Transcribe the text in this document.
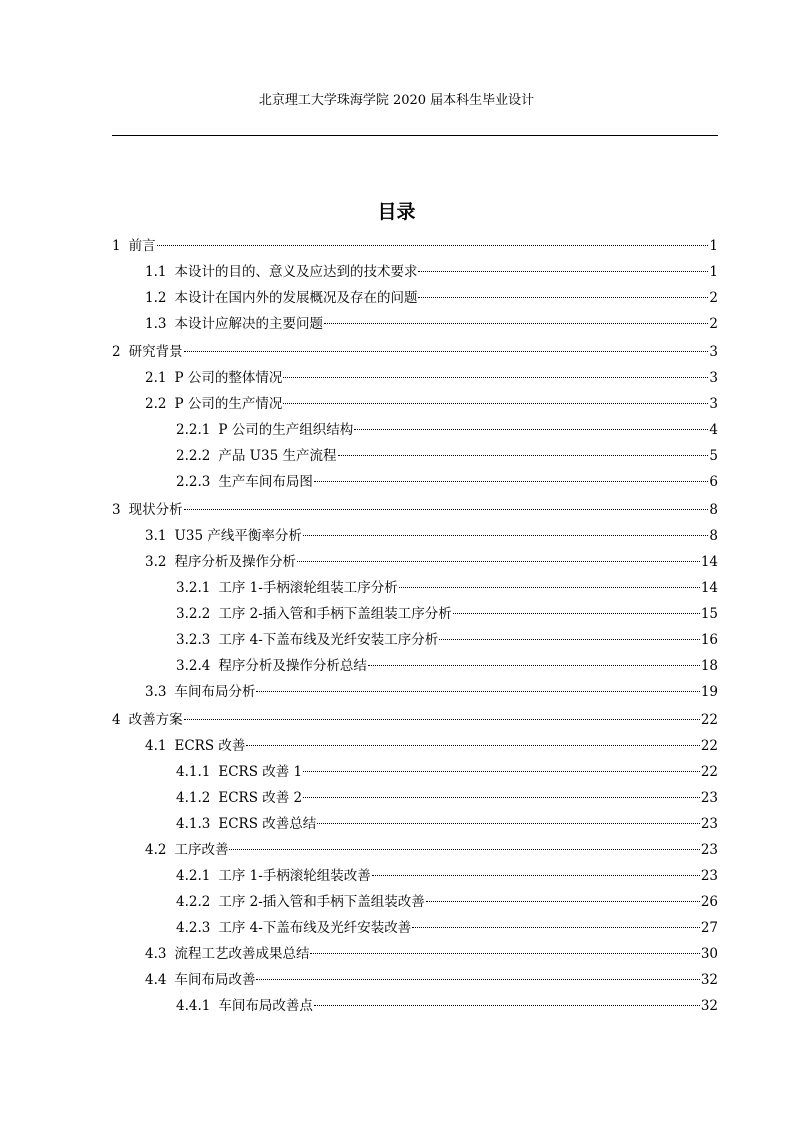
北京理工大学珠海学院 2020 届本科生毕业设计
目录
1 前言	1
1.1 本设计的目的、意义及应达到的技术要求	1
1.2 本设计在国内外的发展概况及存在的问题	2
1.3 本设计应解决的主要问题	2
2 研究背景	3
2.1 P 公司的整体情况	3
2.2 P 公司的生产情况	3
2.2.1 P 公司的生产组织结构	4
2.2.2 产品 U35 生产流程	5
2.2.3 生产车间布局图	6
3 现状分析	8
3.1 U35 产线平衡率分析	8
3.2 程序分析及操作分析	14
3.2.1 工序 1-手柄滚轮组装工序分析	14
3.2.2 工序 2-插入管和手柄下盖组装工序分析	15
3.2.3 工序 4-下盖布线及光纤安装工序分析	16
3.2.4 程序分析及操作分析总结	18
3.3 车间布局分析	19
4 改善方案	22
4.1 ECRS 改善	22
4.1.1 ECRS 改善 1	22
4.1.2 ECRS 改善 2	23
4.1.3 ECRS 改善总结	23
4.2 工序改善	23
4.2.1 工序 1-手柄滚轮组装改善	23
4.2.2 工序 2-插入管和手柄下盖组装改善	26
4.2.3 工序 4-下盖布线及光纤安装改善	27
4.3 流程工艺改善成果总结	30
4.4 车间布局改善	32
4.4.1 车间布局改善点	32
